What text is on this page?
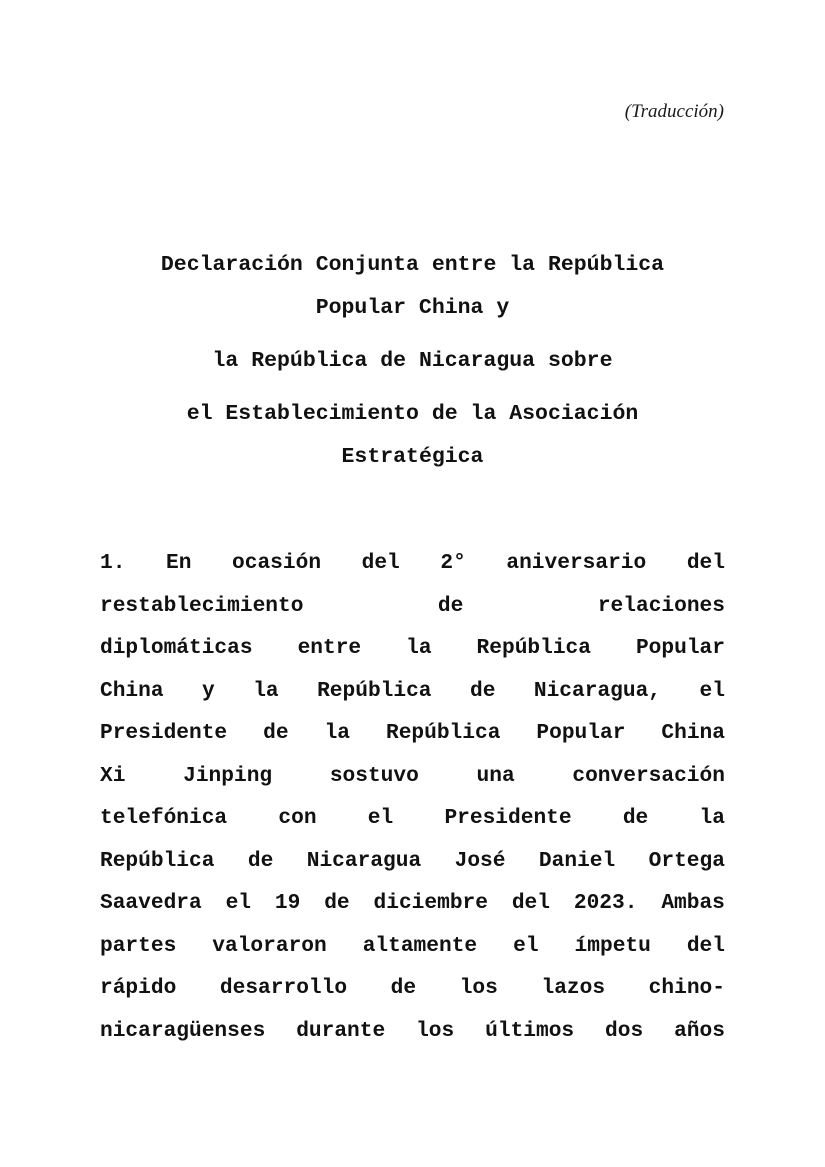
(Traducción)
Declaración Conjunta entre la República
Popular China y
la República de Nicaragua sobre
el Establecimiento de la Asociación
Estratégica
1. En ocasión del 2° aniversario del
restablecimiento	de	relaciones
diplomáticas entre la República Popular
China y la República de Nicaragua, el
Presidente de la República Popular China
Xi	Jinping	sostuvo	una	conversación
telefónica con el Presidente de la
República de Nicaragua José Daniel Ortega
Saavedra el 19 de diciembre del 2023. Ambas
partes valoraron altamente el ímpetu del
rápido desarrollo de los lazos chino-
nicaragüenses durante los últimos dos años
